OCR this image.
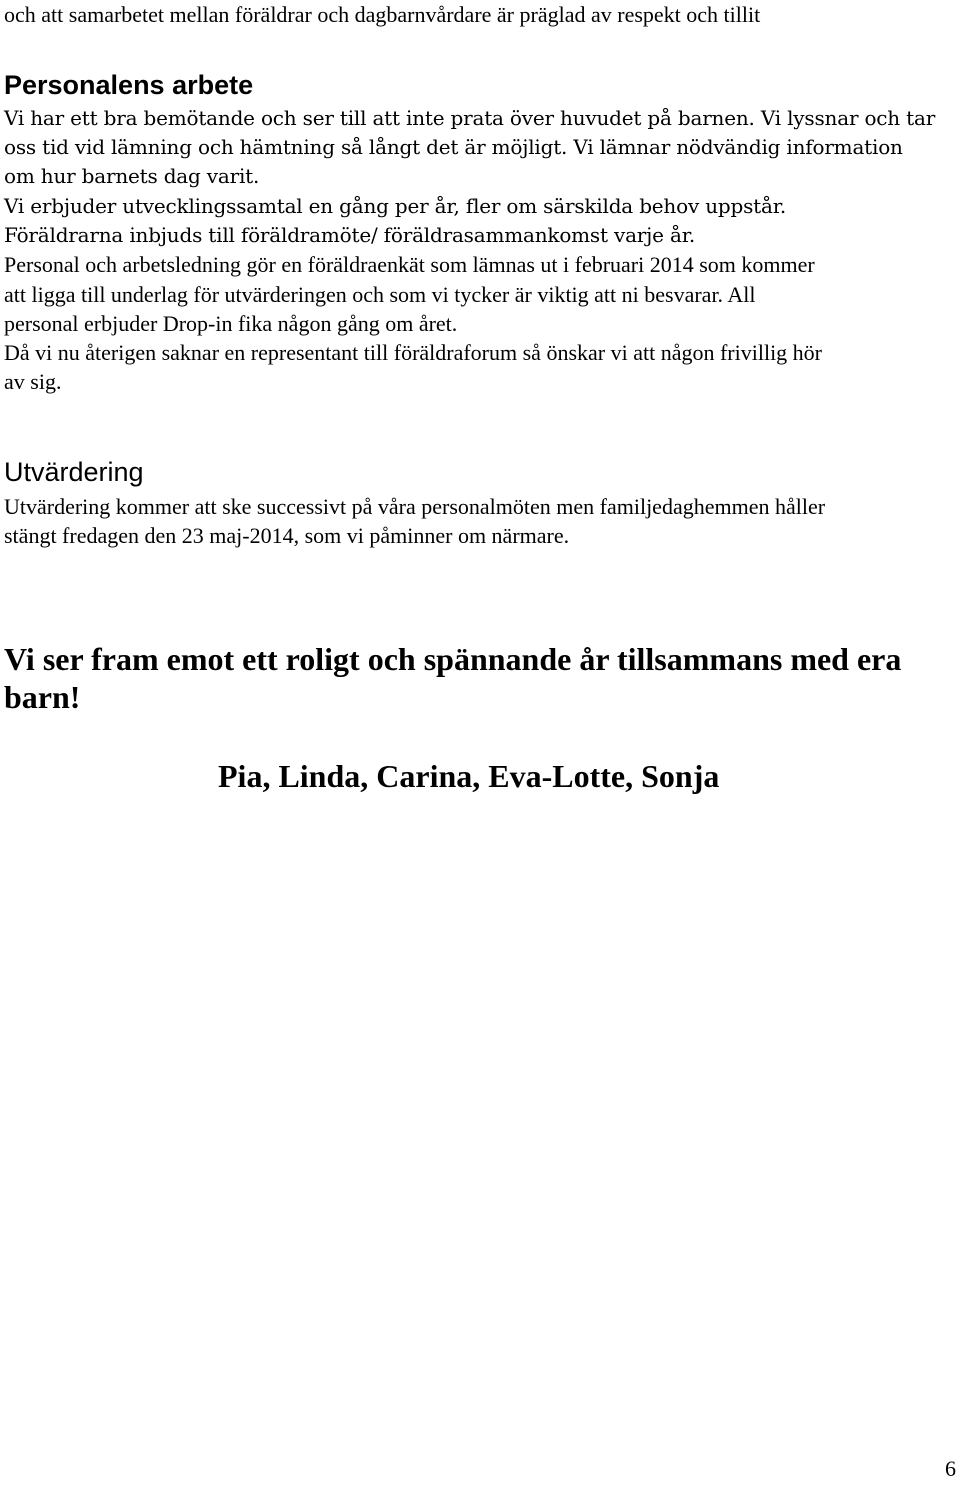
och att samarbetet mellan föräldrar och dagbarnvårdare är präglad av respekt och tillit
Personalens arbete
Vi har ett bra bemötande och ser till att inte prata över huvudet på barnen. Vi lyssnar och tar
oss tid vid lämning och hämtning så långt det är möjligt. Vi lämnar nödvändig information
om hur barnets dag varit.
Vi erbjuder utvecklingssamtal en gång per år, fler om särskilda behov uppstår.
Föräldrarna inbjuds till föräldramöte/ föräldrasammankomst varje år.
Personal och arbetsledning gör en föräldraenkät som lämnas ut i februari 2014 som kommer
att ligga till underlag för utvärderingen och som vi tycker är viktig att ni besvarar. All
personal erbjuder Drop-in fika någon gång om året.
Då vi nu återigen saknar en representant till föräldraforum så önskar vi att någon frivillig hör
av sig.
Utvärdering
Utvärdering kommer att ske successivt på våra personalmöten men familjedaghemmen håller
stängt fredagen den 23 maj-2014, som vi påminner om närmare.
Vi ser fram emot ett roligt och spännande år tillsammans med era
barn!
Pia, Linda, Carina, Eva-Lotte, Sonja
6
